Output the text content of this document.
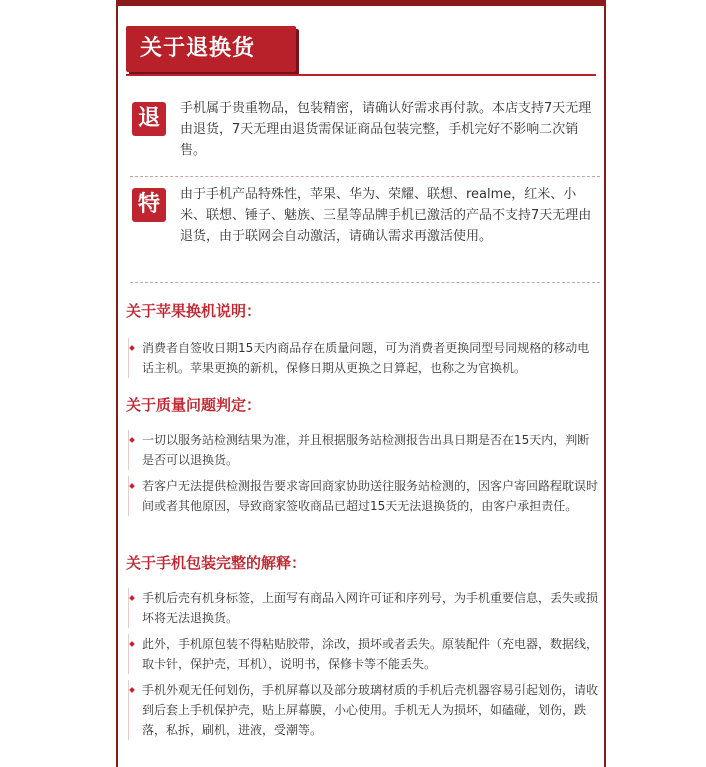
关于退换货
退	手机属于贵重物品，包装精密，请确认好需求再付款。本店支持7天无理由退货，7天无理由退货需保证商品包装完整，手机完好不影响二次销售。
特	由于手机产品特殊性，苹果、华为、荣耀、联想、realme，红米、小米、联想、锤子、魅族、三星等品牌手机已激活的产品不支持7天无理由退货，由于联网会自动激活，请确认需求再激活使用。
关于苹果换机说明：
消费者自签收日期15天内商品存在质量问题，可为消费者更换同型号同规格的移动电话主机。苹果更换的新机，保修日期从更换之日算起，也称之为官换机。
关于质量问题判定：
一切以服务站检测结果为准，并且根据服务站检测报告出具日期是否在15天内，判断是否可以退换货。
若客户无法提供检测报告要求寄回商家协助送往服务站检测的，因客户寄回路程耽误时间或者其他原因，导致商家签收商品已超过15天无法退换货的，由客户承担责任。
关于手机包装完整的解释：
手机后壳有机身标签，上面写有商品入网许可证和序列号，为手机重要信息，丢失或损坏将无法退换货。
此外，手机原包装不得粘贴胶带，涂改，损坏或者丢失。原装配件（充电器，数据线，取卡针，保护壳，耳机），说明书，保修卡等不能丢失。
手机外观无任何划伤，手机屏幕以及部分玻璃材质的手机后壳机器容易引起划伤，请收到后套上手机保护壳，贴上屏幕膜，小心使用。手机无人为损坏，如磕碰，划伤，跌落，私拆，刷机，进液，受潮等。
